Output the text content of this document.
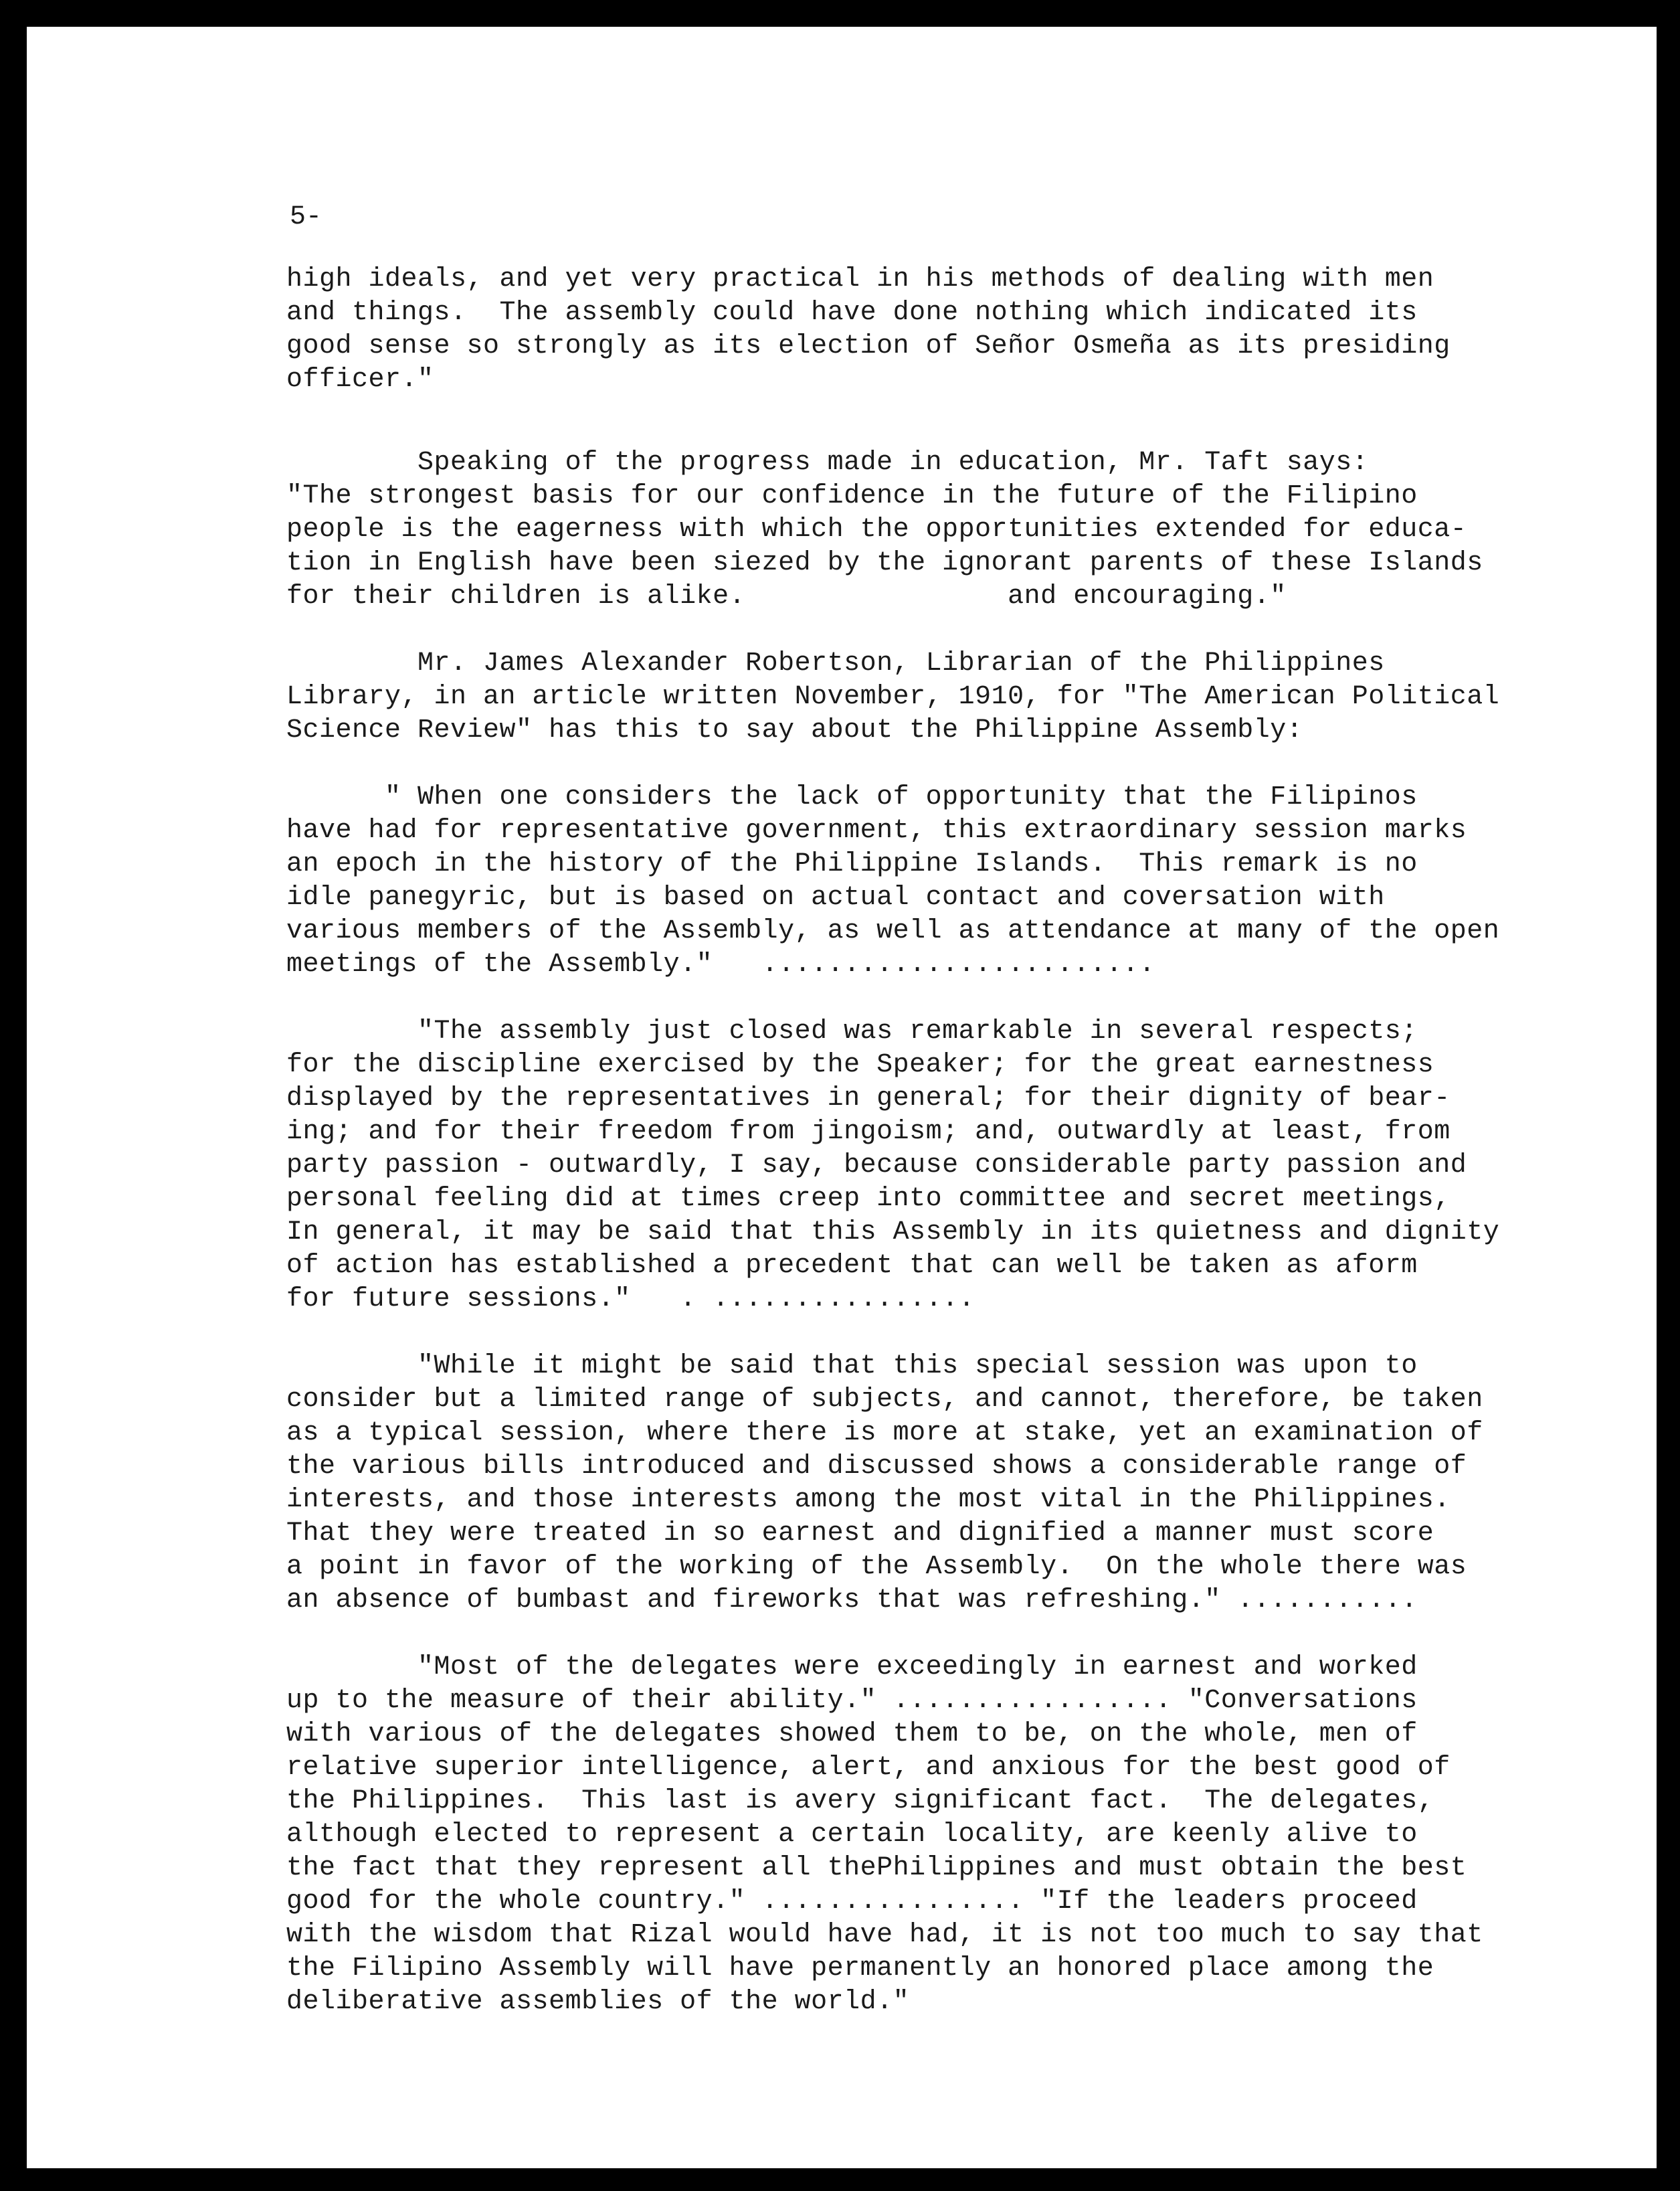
5-
high ideals, and yet very practical in his methods of dealing with men
and things.  The assembly could have done nothing which indicated its
good sense so strongly as its election of Señor Osmeña as its presiding
officer."
Speaking of the progress made in education, Mr. Taft says:
"The strongest basis for our confidence in the future of the Filipino
people is the eagerness with which the opportunities extended for educa-
tion in English have been siezed by the ignorant parents of these Islands
for their children is alike.                and encouraging."
Mr. James Alexander Robertson, Librarian of the Philippines
Library, in an article written November, 1910, for "The American Political
Science Review" has this to say about the Philippine Assembly:
" When one considers the lack of opportunity that the Filipinos
have had for representative government, this extraordinary session marks
an epoch in the history of the Philippine Islands.  This remark is no
idle panegyric, but is based on actual contact and coversation with
various members of the Assembly, as well as attendance at many of the open
meetings of the Assembly."   ........................
"The assembly just closed was remarkable in several respects;
for the discipline exercised by the Speaker; for the great earnestness
displayed by the representatives in general; for their dignity of bear-
ing; and for their freedom from jingoism; and, outwardly at least, from
party passion - outwardly, I say, because considerable party passion and
personal feeling did at times creep into committee and secret meetings,
In general, it may be said that this Assembly in its quietness and dignity
of action has established a precedent that can well be taken as aform
for future sessions."   . ................
"While it might be said that this special session was upon to
consider but a limited range of subjects, and cannot, therefore, be taken
as a typical session, where there is more at stake, yet an examination of
the various bills introduced and discussed shows a considerable range of
interests, and those interests among the most vital in the Philippines.
That they were treated in so earnest and dignified a manner must score
a point in favor of the working of the Assembly.  On the whole there was
an absence of bumbast and fireworks that was refreshing." ...........
"Most of the delegates were exceedingly in earnest and worked
up to the measure of their ability." ................. "Conversations
with various of the delegates showed them to be, on the whole, men of
relative superior intelligence, alert, and anxious for the best good of
the Philippines.  This last is avery significant fact.  The delegates,
although elected to represent a certain locality, are keenly alive to
the fact that they represent all thePhilippines and must obtain the best
good for the whole country." ................ "If the leaders proceed
with the wisdom that Rizal would have had, it is not too much to say that
the Filipino Assembly will have permanently an honored place among the
deliberative assemblies of the world."
